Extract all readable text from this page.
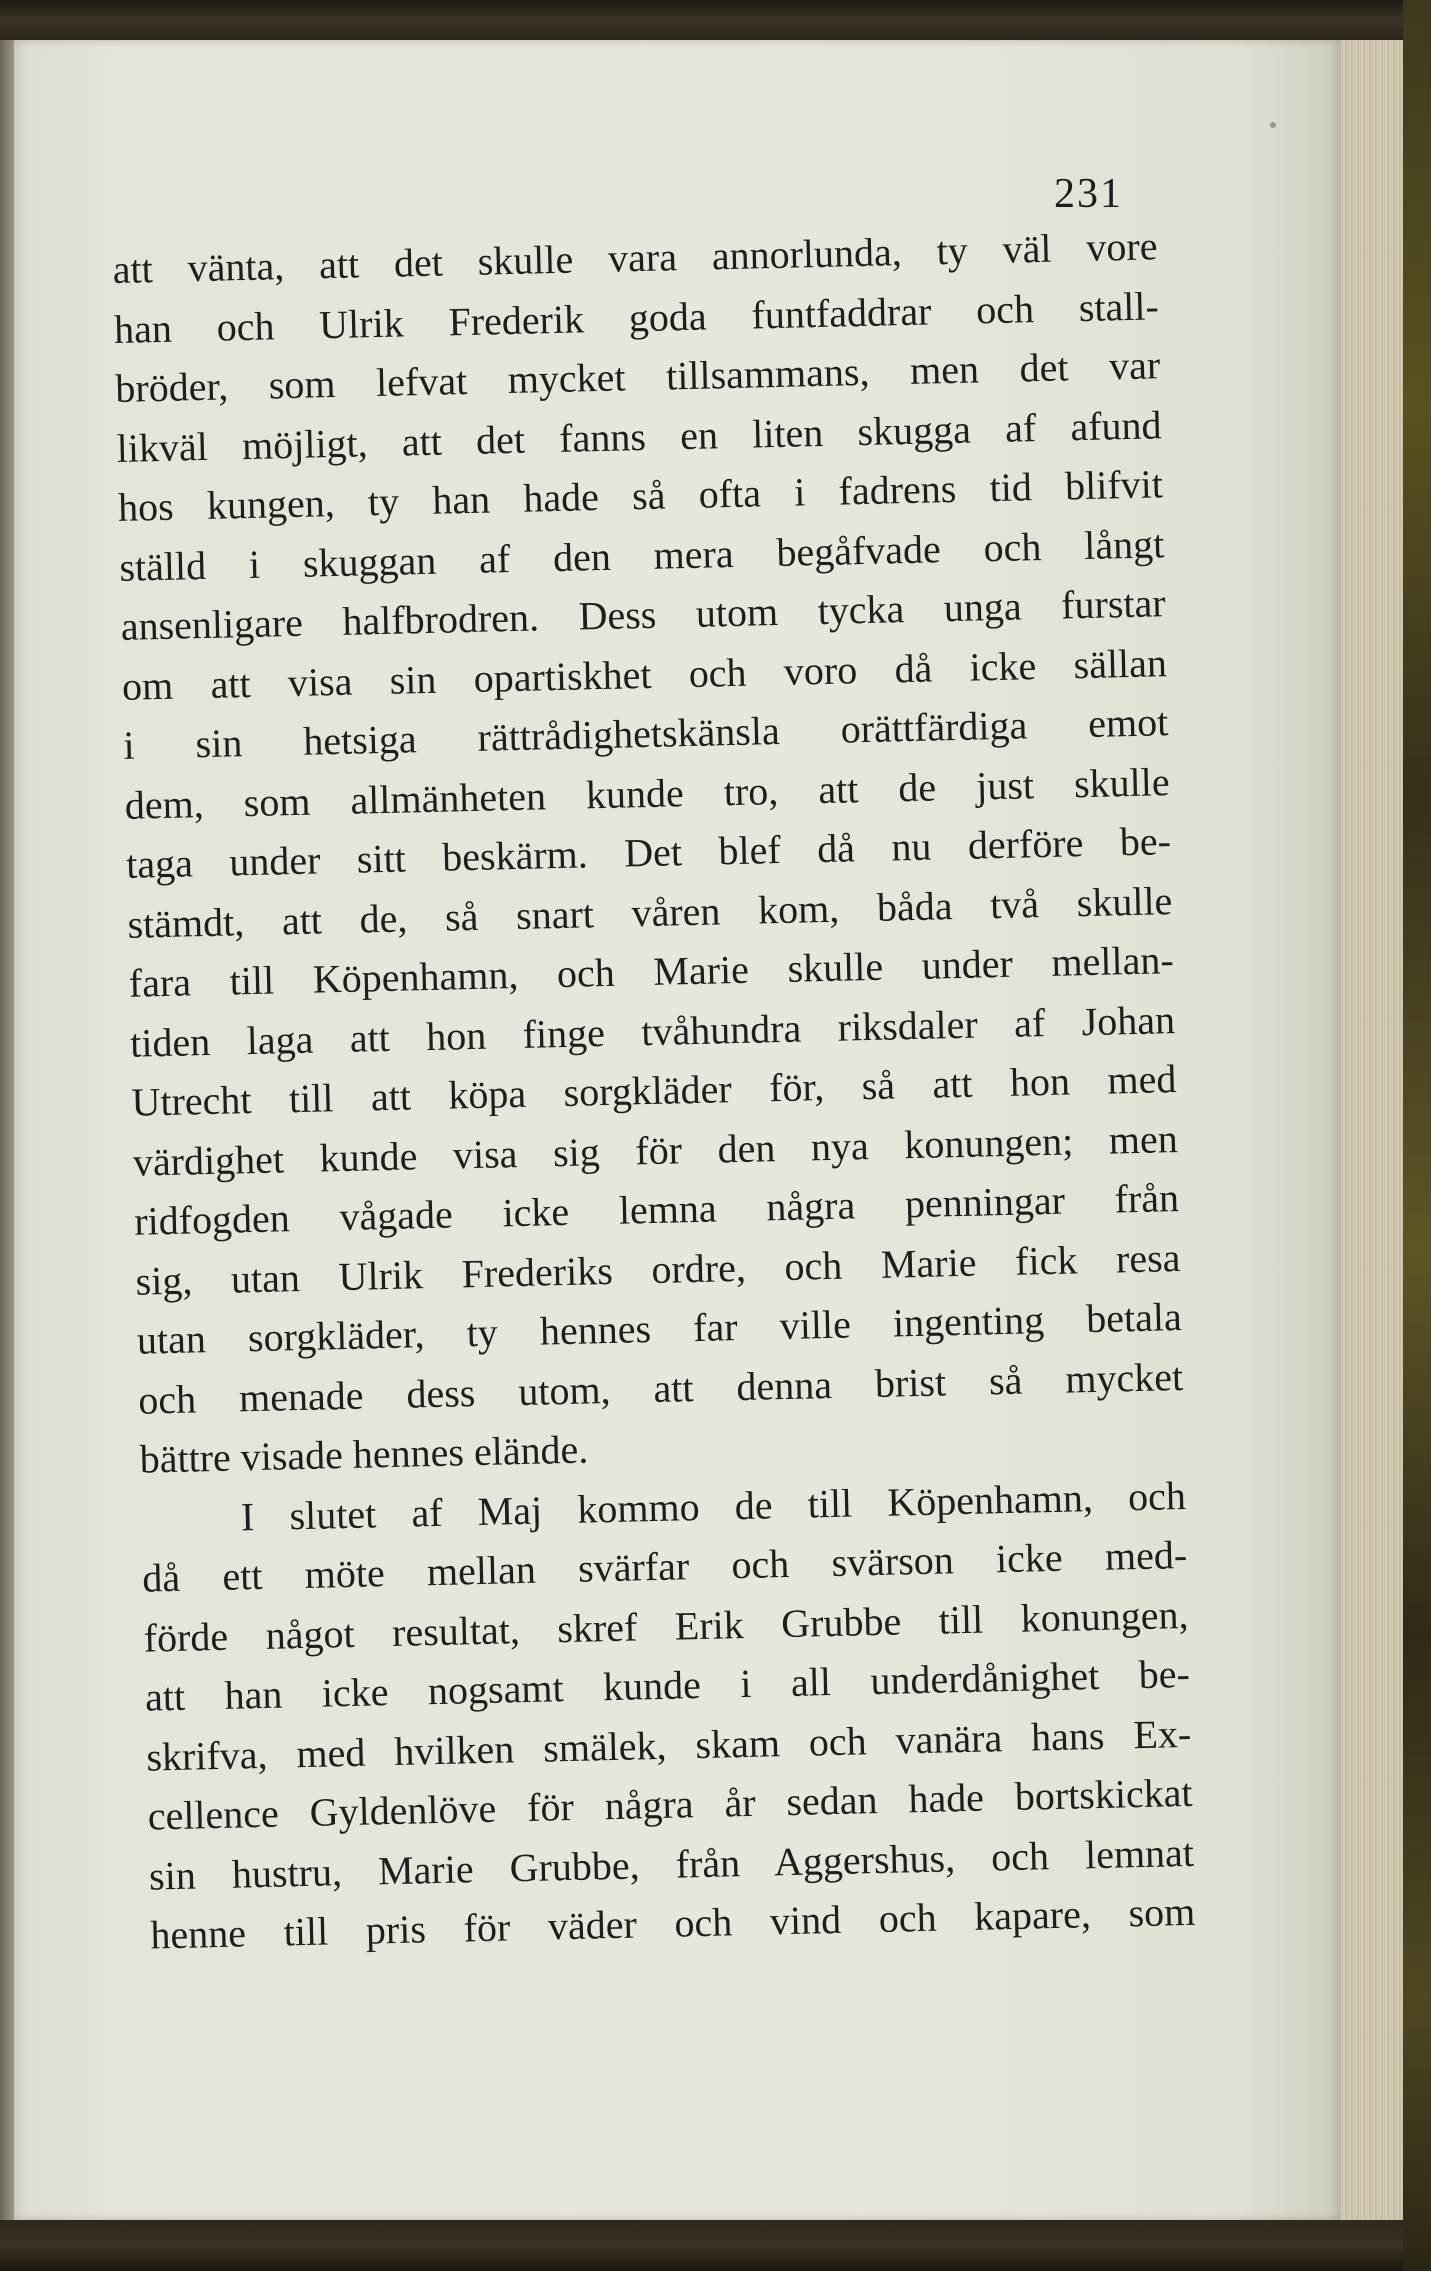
231
att vänta, att det skulle vara annorlunda, ty väl vore
han och Ulrik Frederik goda funtfaddrar och stall-
bröder, som lefvat mycket tillsammans, men det var
likväl möjligt, att det fanns en liten skugga af afund
hos kungen, ty han hade så ofta i fadrens tid blifvit
ställd i skuggan af den mera begåfvade och långt
ansenligare halfbrodren. Dess utom tycka unga furstar
om att visa sin opartiskhet och voro då icke sällan
i sin hetsiga rättrådighetskänsla orättfärdiga emot
dem, som allmänheten kunde tro, att de just skulle
taga under sitt beskärm. Det blef då nu derföre be-
stämdt, att de, så snart våren kom, båda två skulle
fara till Köpenhamn, och Marie skulle under mellan-
tiden laga att hon finge tvåhundra riksdaler af Johan
Utrecht till att köpa sorgkläder för, så att hon med
värdighet kunde visa sig för den nya konungen; men
ridfogden vågade icke lemna några penningar från
sig, utan Ulrik Frederiks ordre, och Marie fick resa
utan sorgkläder, ty hennes far ville ingenting betala
och menade dess utom, att denna brist så mycket
bättre visade hennes elände.
I slutet af Maj kommo de till Köpenhamn, och
då ett möte mellan svärfar och svärson icke med-
förde något resultat, skref Erik Grubbe till konungen,
att han icke nogsamt kunde i all underdånighet be-
skrifva, med hvilken smälek, skam och vanära hans Ex-
cellence Gyldenlöve för några år sedan hade bortskickat
sin hustru, Marie Grubbe, från Aggershus, och lemnat
henne till pris för väder och vind och kapare, som
